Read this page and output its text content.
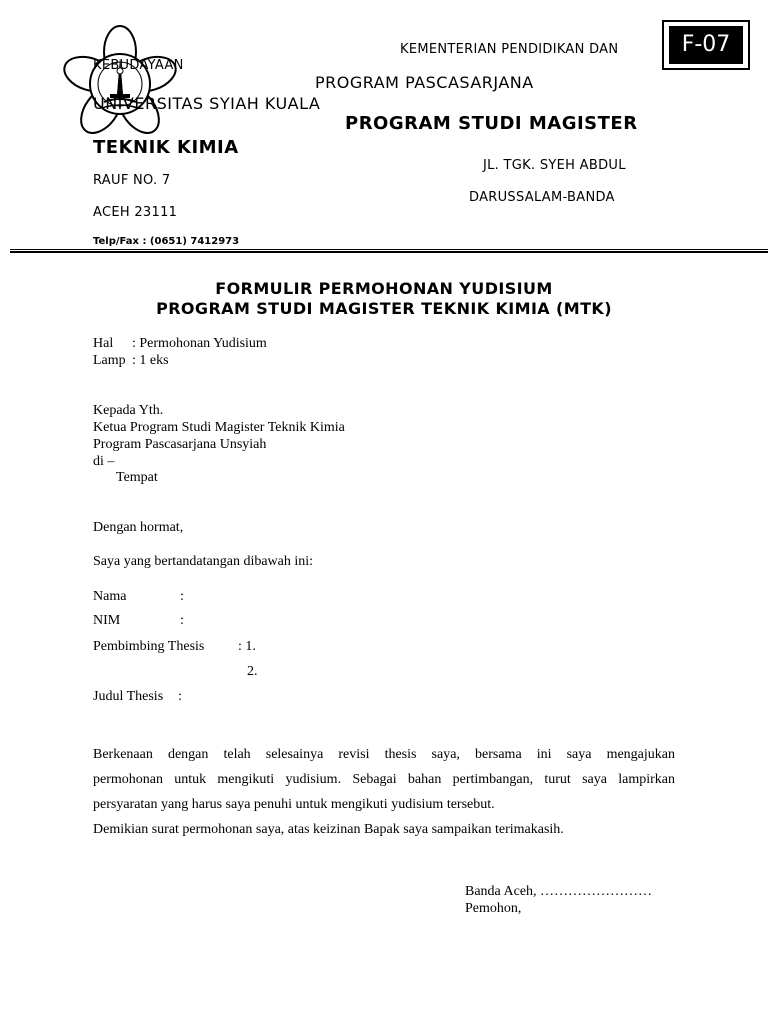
F-07
KEMENTERIAN PENDIDIKAN DAN
KEBUDAYAAN
PROGRAM PASCASARJANA
UNIVERSITAS SYIAH KUALA
PROGRAM STUDI MAGISTER
TEKNIK KIMIA
JL. TGK. SYEH ABDUL
RAUF NO. 7
DARUSSALAM-BANDA
ACEH 23111
Telp/Fax : (0651) 7412973
FORMULIR PERMOHONAN YUDISIUM
PROGRAM STUDI MAGISTER TEKNIK KIMIA (MTK)
Hal : Permohonan Yudisium
Lamp : 1 eks
Kepada Yth.
Ketua Program Studi Magister Teknik Kimia
Program Pascasarjana Unsyiah
di –
Tempat
Dengan hormat,
Saya yang bertandatangan dibawah ini:
Nama	:
NIM	:
Pembimbing Thesis : 1.
2.
Judul Thesis :
Berkenaan dengan telah selesainya revisi thesis saya, bersama ini saya mengajukan
permohonan untuk mengikuti yudisium. Sebagai bahan pertimbangan, turut saya lampirkan
persyaratan yang harus saya penuhi untuk mengikuti yudisium tersebut.
Demikian surat permohonan saya, atas keizinan Bapak saya sampaikan terimakasih.
Banda Aceh, ……………………
Pemohon,
